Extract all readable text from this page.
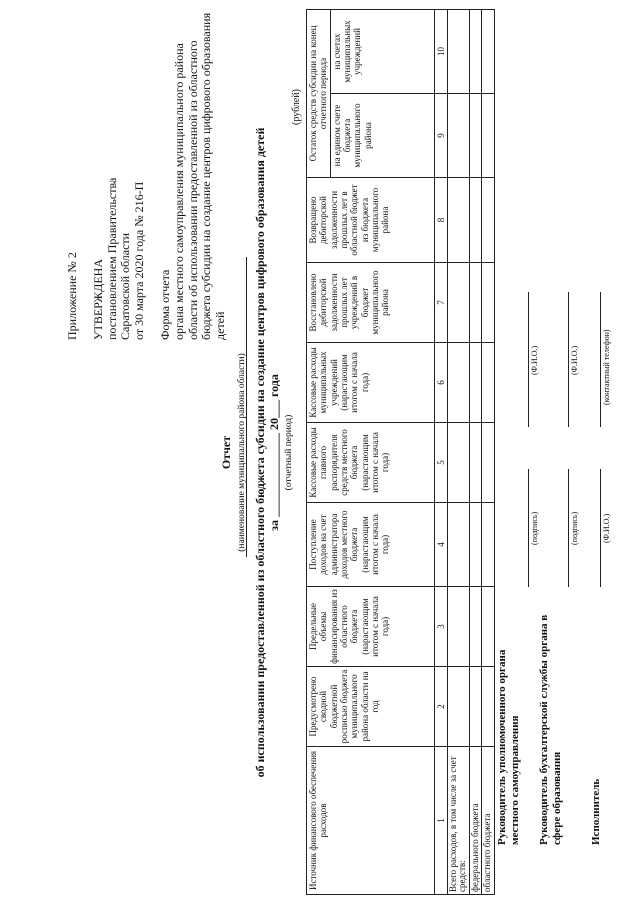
Приложение № 2 УТВЕРЖДЕНА постановлением Правительства Саратовской области от 30 марта 2020 года № 216-П Форма отчета органа местного самоуправления муниципального района области об использовании предоставленной из областного бюджета субсидии на создание центров цифрового образования детей
Отчет (наименование муниципального района области) об использовании предоставленной из областного бюджета субсидии на создание центров цифрового образования детей за ______________ 20___ года (отчетный период)
(рублей)
Источник финансового обеспечения расходов	Предусмотрено сводной бюджетной росписью бюджета муниципального района области на год	Предельные объемы финансирования из областного бюджета (нарастающим итогом с начала года)	Поступление доходов на счет администратора доходов местного бюджета (нарастающим итогом с начала года)	Кассовые расходы главного распорядителя средств местного бюджета (нарастающим итогом с начала года)	Кассовые расходы муниципальных учреждений (нарастающим итогом с начала года)	Восстановлено дебиторской задолженности прошлых лет учреждений в бюджет муниципального района	Возвращено дебиторской задолженности прошлых лет в областной бюджет из бюджета муниципального района	Остаток средств субсидии на конец отчетного периода	
								на едином счете бюджета муниципального района	на счетах муниципальных учреждений
1	2	3	4	5	6	7	8	9	10
Всего расходов, в том числе за счет средств:									
федерального бюджета									
областного бюджета									
Руководитель уполномоченного органа местного самоуправления
(подпись)
(Ф.И.О.)
Руководитель бухгалтерской службы органа в сфере образования
(подпись)
(Ф.И.О.)
Исполнитель
(Ф.И.О.)
(контактный телефон)
